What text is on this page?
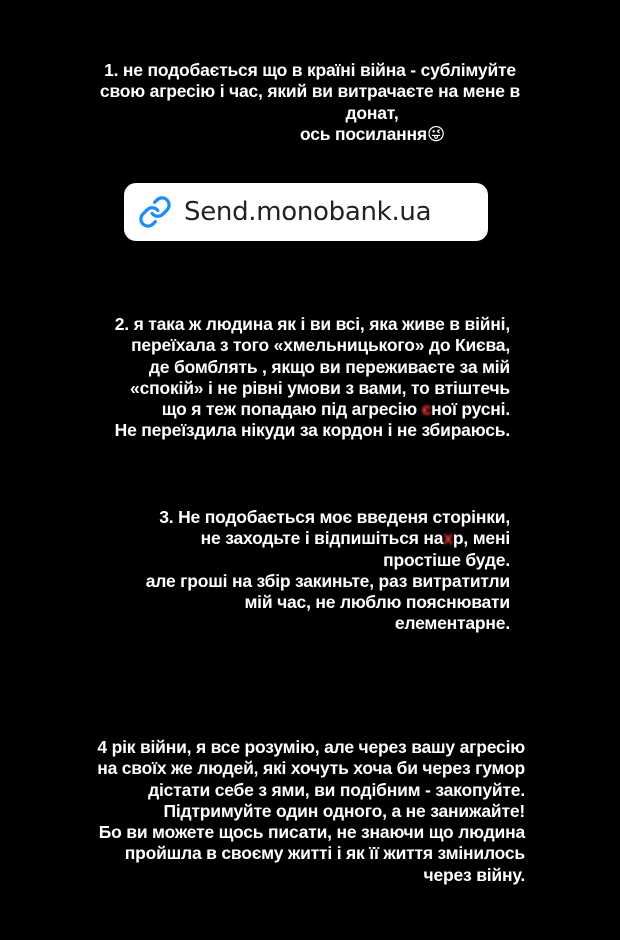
1. не подобається що в країні війна - сублімуйте
свою агресію і час, який ви витрачаєте на мене в
донат,
ось посилання😜
Send.monobank.ua
2. я така ж людина як і ви всі, яка живе в війні,
переїхала з того «хмельницького» до Києва,
де бомблять , якщо ви переживаєте за мій
«спокій» і не рівні умови з вами, то втіштечь
що я теж попадаю під агресію єної русні.
Не переїздила нікуди за кордон і не збираюсь.
3. Не подобається моє введеня сторінки,
не заходьте і відпишіться нахр, мені
простіше буде.
але гроші на збір закиньте, раз витратитли
мій час, не люблю пояснювати
елементарне.
4 рік війни, я все розумію, але через вашу агресію
на своїх же людей, які хочуть хоча би через гумор
дістати себе з ями, ви подібним - закопуйте.
Підтримуйте один одного, а не занижайте!
Бо ви можете щось писати, не знаючи що людина
пройшла в своєму житті і як її життя змінилось
через війну.
